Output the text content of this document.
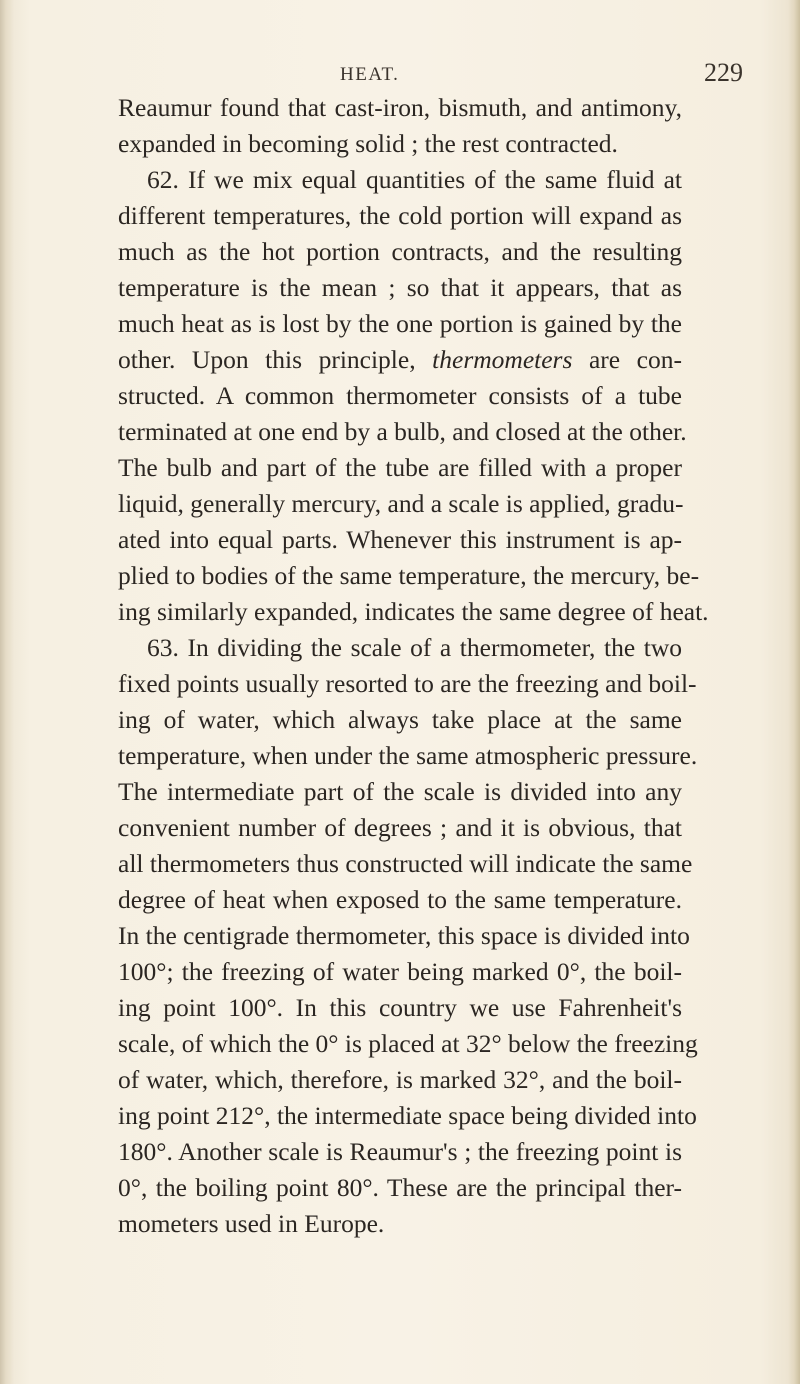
HEAT.	229
Reaumur found that cast-iron, bismuth, and antimony,
expanded in becoming solid ; the rest contracted.
62. If we mix equal quantities of the same fluid at
different temperatures, the cold portion will expand as
much as the hot portion contracts, and the resulting
temperature is the mean ; so that it appears, that as
much heat as is lost by the one portion is gained by the
other. Upon this principle, thermometers are con-
structed. A common thermometer consists of a tube
terminated at one end by a bulb, and closed at the other.
The bulb and part of the tube are filled with a proper
liquid, generally mercury, and a scale is applied, gradu-
ated into equal parts. Whenever this instrument is ap-
plied to bodies of the same temperature, the mercury, be-
ing similarly expanded, indicates the same degree of heat.
63. In dividing the scale of a thermometer, the two
fixed points usually resorted to are the freezing and boil-
ing of water, which always take place at the same
temperature, when under the same atmospheric pressure.
The intermediate part of the scale is divided into any
convenient number of degrees ; and it is obvious, that
all thermometers thus constructed will indicate the same
degree of heat when exposed to the same temperature.
In the centigrade thermometer, this space is divided into
100°; the freezing of water being marked 0°, the boil-
ing point 100°. In this country we use Fahrenheit's
scale, of which the 0° is placed at 32° below the freezing
of water, which, therefore, is marked 32°, and the boil-
ing point 212°, the intermediate space being divided into
180°. Another scale is Reaumur's ; the freezing point is
0°, the boiling point 80°. These are the principal ther-
mometers used in Europe.
